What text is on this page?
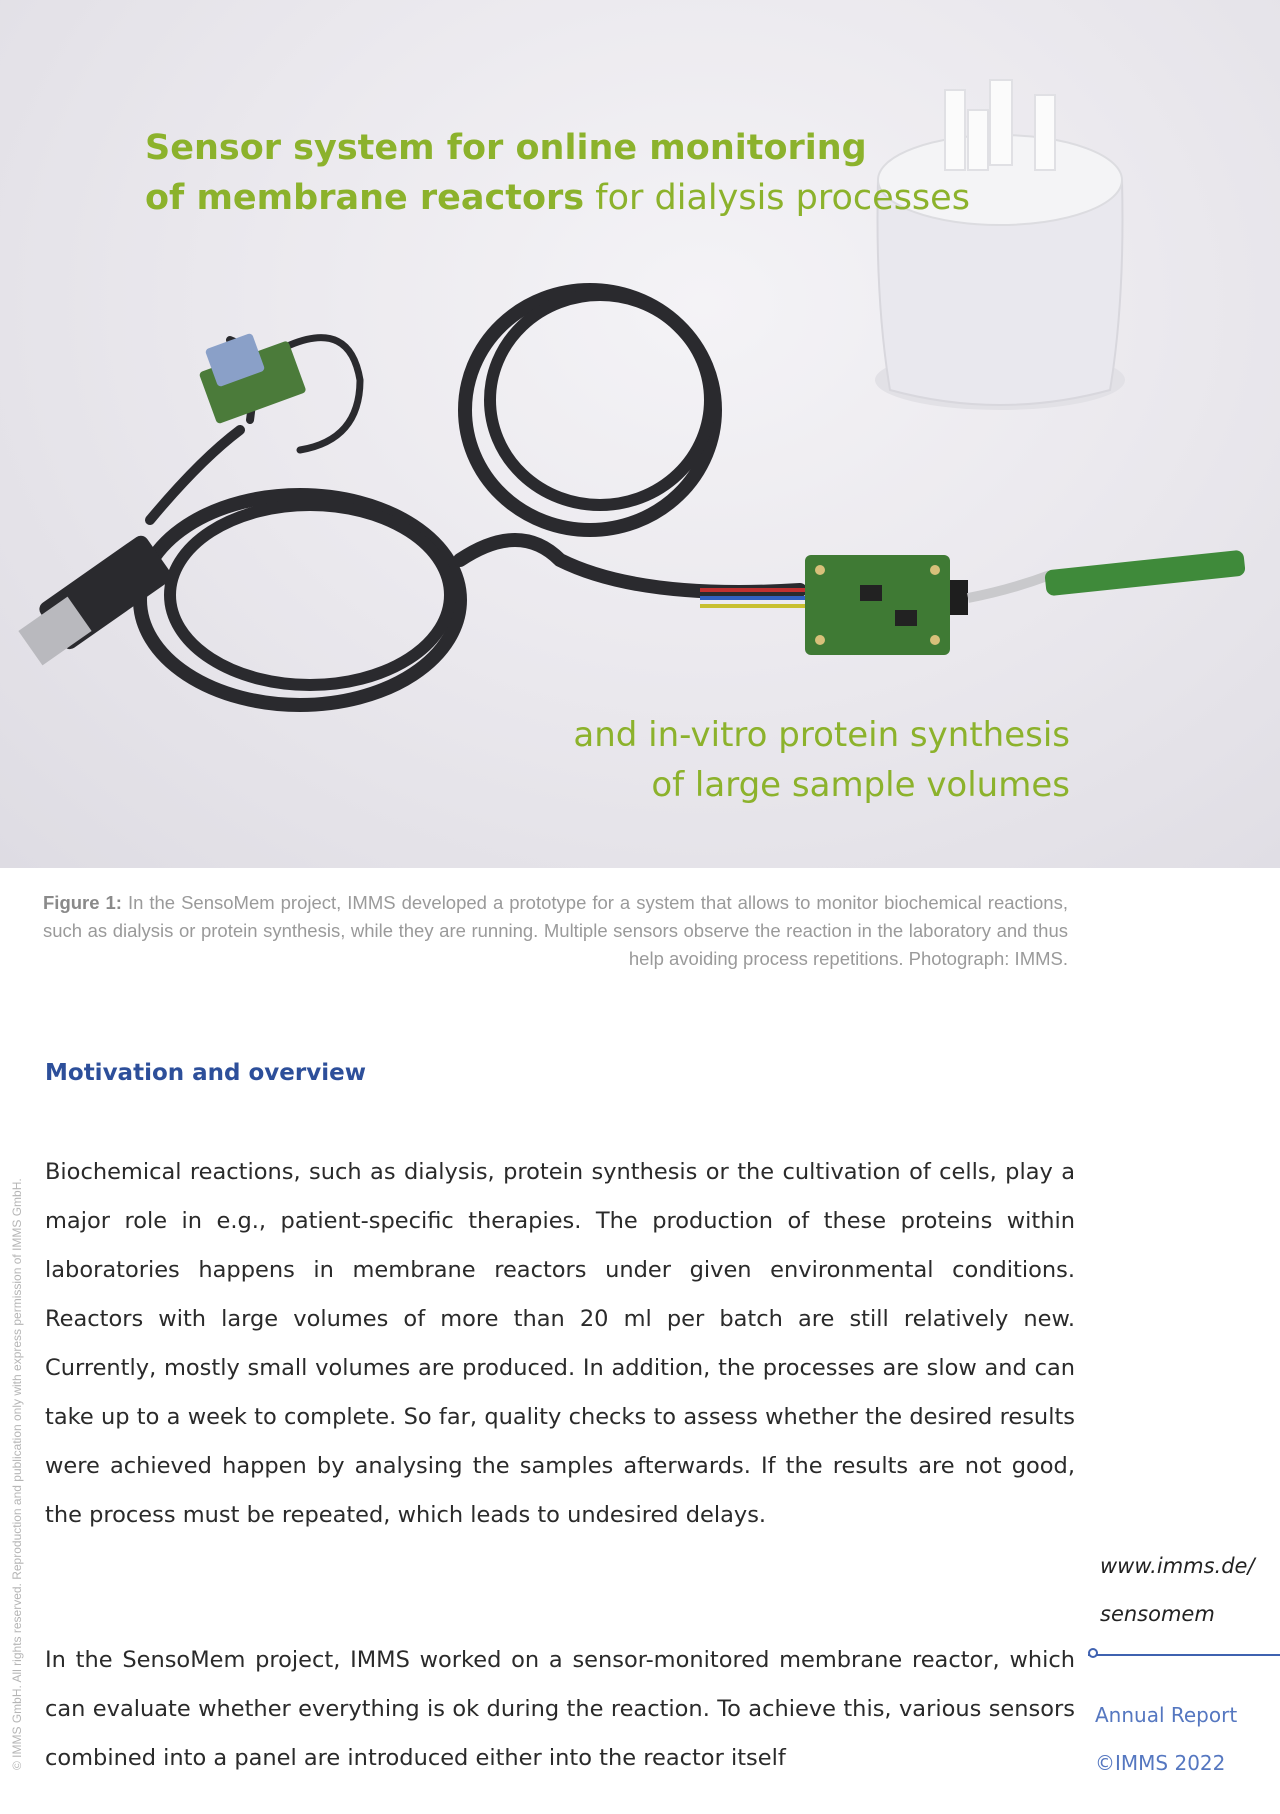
Sensor system for online monitoring
of membrane reactors for dialysis processes

and in-vitro protein synthesis
of large sample volumes

Figure 1: In the SensoMem project, IMMS developed a prototype for a system that allows to monitor biochemical reactions, such as dialysis or protein synthesis, while they are running. Multiple sensors observe the reaction in the laboratory and thus help avoiding process repetitions. Photograph: IMMS.

© IMMS GmbH. All rights reserved. Reproduction and publication only with express permission of IMMS GmbH.
Motivation and overview

Biochemical reactions, such as dialysis, protein synthesis or the cultivation of cells, play a major role in e.g., patient-specific therapies. The production of these proteins within laboratories happens in membrane reactors under given environmental conditions. Reactors with large volumes of more than 20 ml per batch are still relatively new. Currently, mostly small volumes are produced. In addition, the processes are slow and can take up to a week to complete. So far, quality checks to assess whether the desired results were achieved happen by analysing the samples afterwards. If the results are not good, the process must be repeated, which leads to undesired delays.

In the SensoMem project, IMMS worked on a sensor-monitored membrane reactor, which can evaluate whether everything is ok during the reaction. To achieve this, various sensors combined into a panel are introduced either into the reactor itself

www.imms.de/
sensomem

Annual Report
©IMMS 2022
